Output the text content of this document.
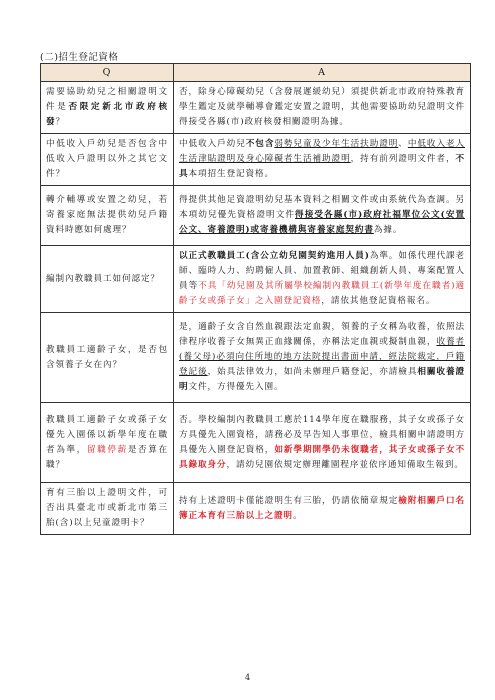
(二)招生登記資格
Q	A
需要協助幼兒之相關證明文件是否限定新北市政府核發？	否，除身心障礙幼兒（含發展遲緩幼兒）須提供新北市政府特殊教育學生鑑定及就學輔導會鑑定安置之證明，其他需要協助幼兒證明文件得接受各縣(市)政府核發相關證明為據。
中低收入戶幼兒是否包含中低收入戶證明以外之其它文件？	中低收入戶幼兒不包含弱勢兒童及少年生活扶助證明、中低收入老人生活津貼證明及身心障礙者生活補助證明，持有前列證明文件者，不具本項招生登記資格。
轉介輔導或安置之幼兒，若寄養家庭無法提供幼兒戶籍資料時應如何處理？	得提供其他足資證明幼兒基本資料之相關文件或由系統代為查調。另本項幼兒優先資格證明文件得接受各縣(市)政府社福單位公文(安置公文、寄養證明)或寄養機構與寄養家庭契約書為據。
編制內教職員工如何認定？	以正式教職員工(含公立幼兒園契約進用人員)為準。如係代理代課老師、臨時人力、約聘僱人員、加置教師、組織創新人員、專案配置人員等不具「幼兒園及其所屬學校編制內教職員工(新學年度在職者)適齡子女或孫子女」之入園登記資格，請依其他登記資格報名。
教職員工適齡子女，是否包含領養子女在內？	是，適齡子女含自然血親跟法定血親，領養的子女稱為收養，依照法律程序收養子女無異正血緣關係，亦稱法定血親或擬制血親，收養者(養父母)必須向住所地的地方法院提出書面申請，經法院裁定，戶籍登記後，始具法律效力，如尚未辦理戶籍登記，亦請檢具相關收養證明文件，方得優先入園。
教職員工適齡子女或孫子女優先入園係以新學年度在職者為準，留職停薪是否算在職？	否。學校編制內教職員工應於114學年度在職服務，其子女或孫子女方具優先入園資格，請務必及早告知人事單位，檢具相關申請證明方具優先入園登記資格，如新學期開學仍未復職者，其子女或孫子女不具錄取身分，請幼兒園依規定辦理離園程序並依序通知備取生報到。
育有三胎以上證明文件，可否出具臺北市或新北市第三胎(含)以上兒童證明卡？	持有上述證明卡僅能證明生有三胎，仍請依簡章規定檢附相關戶口名簿正本育有三胎以上之證明。
4
